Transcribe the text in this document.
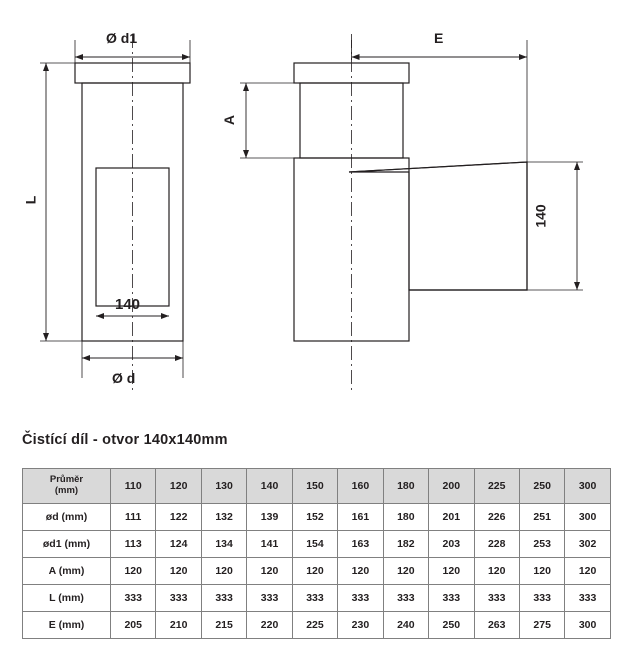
Ø d1
Ø d
L
140
A
E
140
Čistící díl - otvor 140x140mm
Průměr
(mm)	110	120	130	140	150	160	180	200	225	250	300
ød (mm)	111	122	132	139	152	161	180	201	226	251	300
ød1 (mm)	113	124	134	141	154	163	182	203	228	253	302
A (mm)	120	120	120	120	120	120	120	120	120	120	120
L (mm)	333	333	333	333	333	333	333	333	333	333	333
E (mm)	205	210	215	220	225	230	240	250	263	275	300
